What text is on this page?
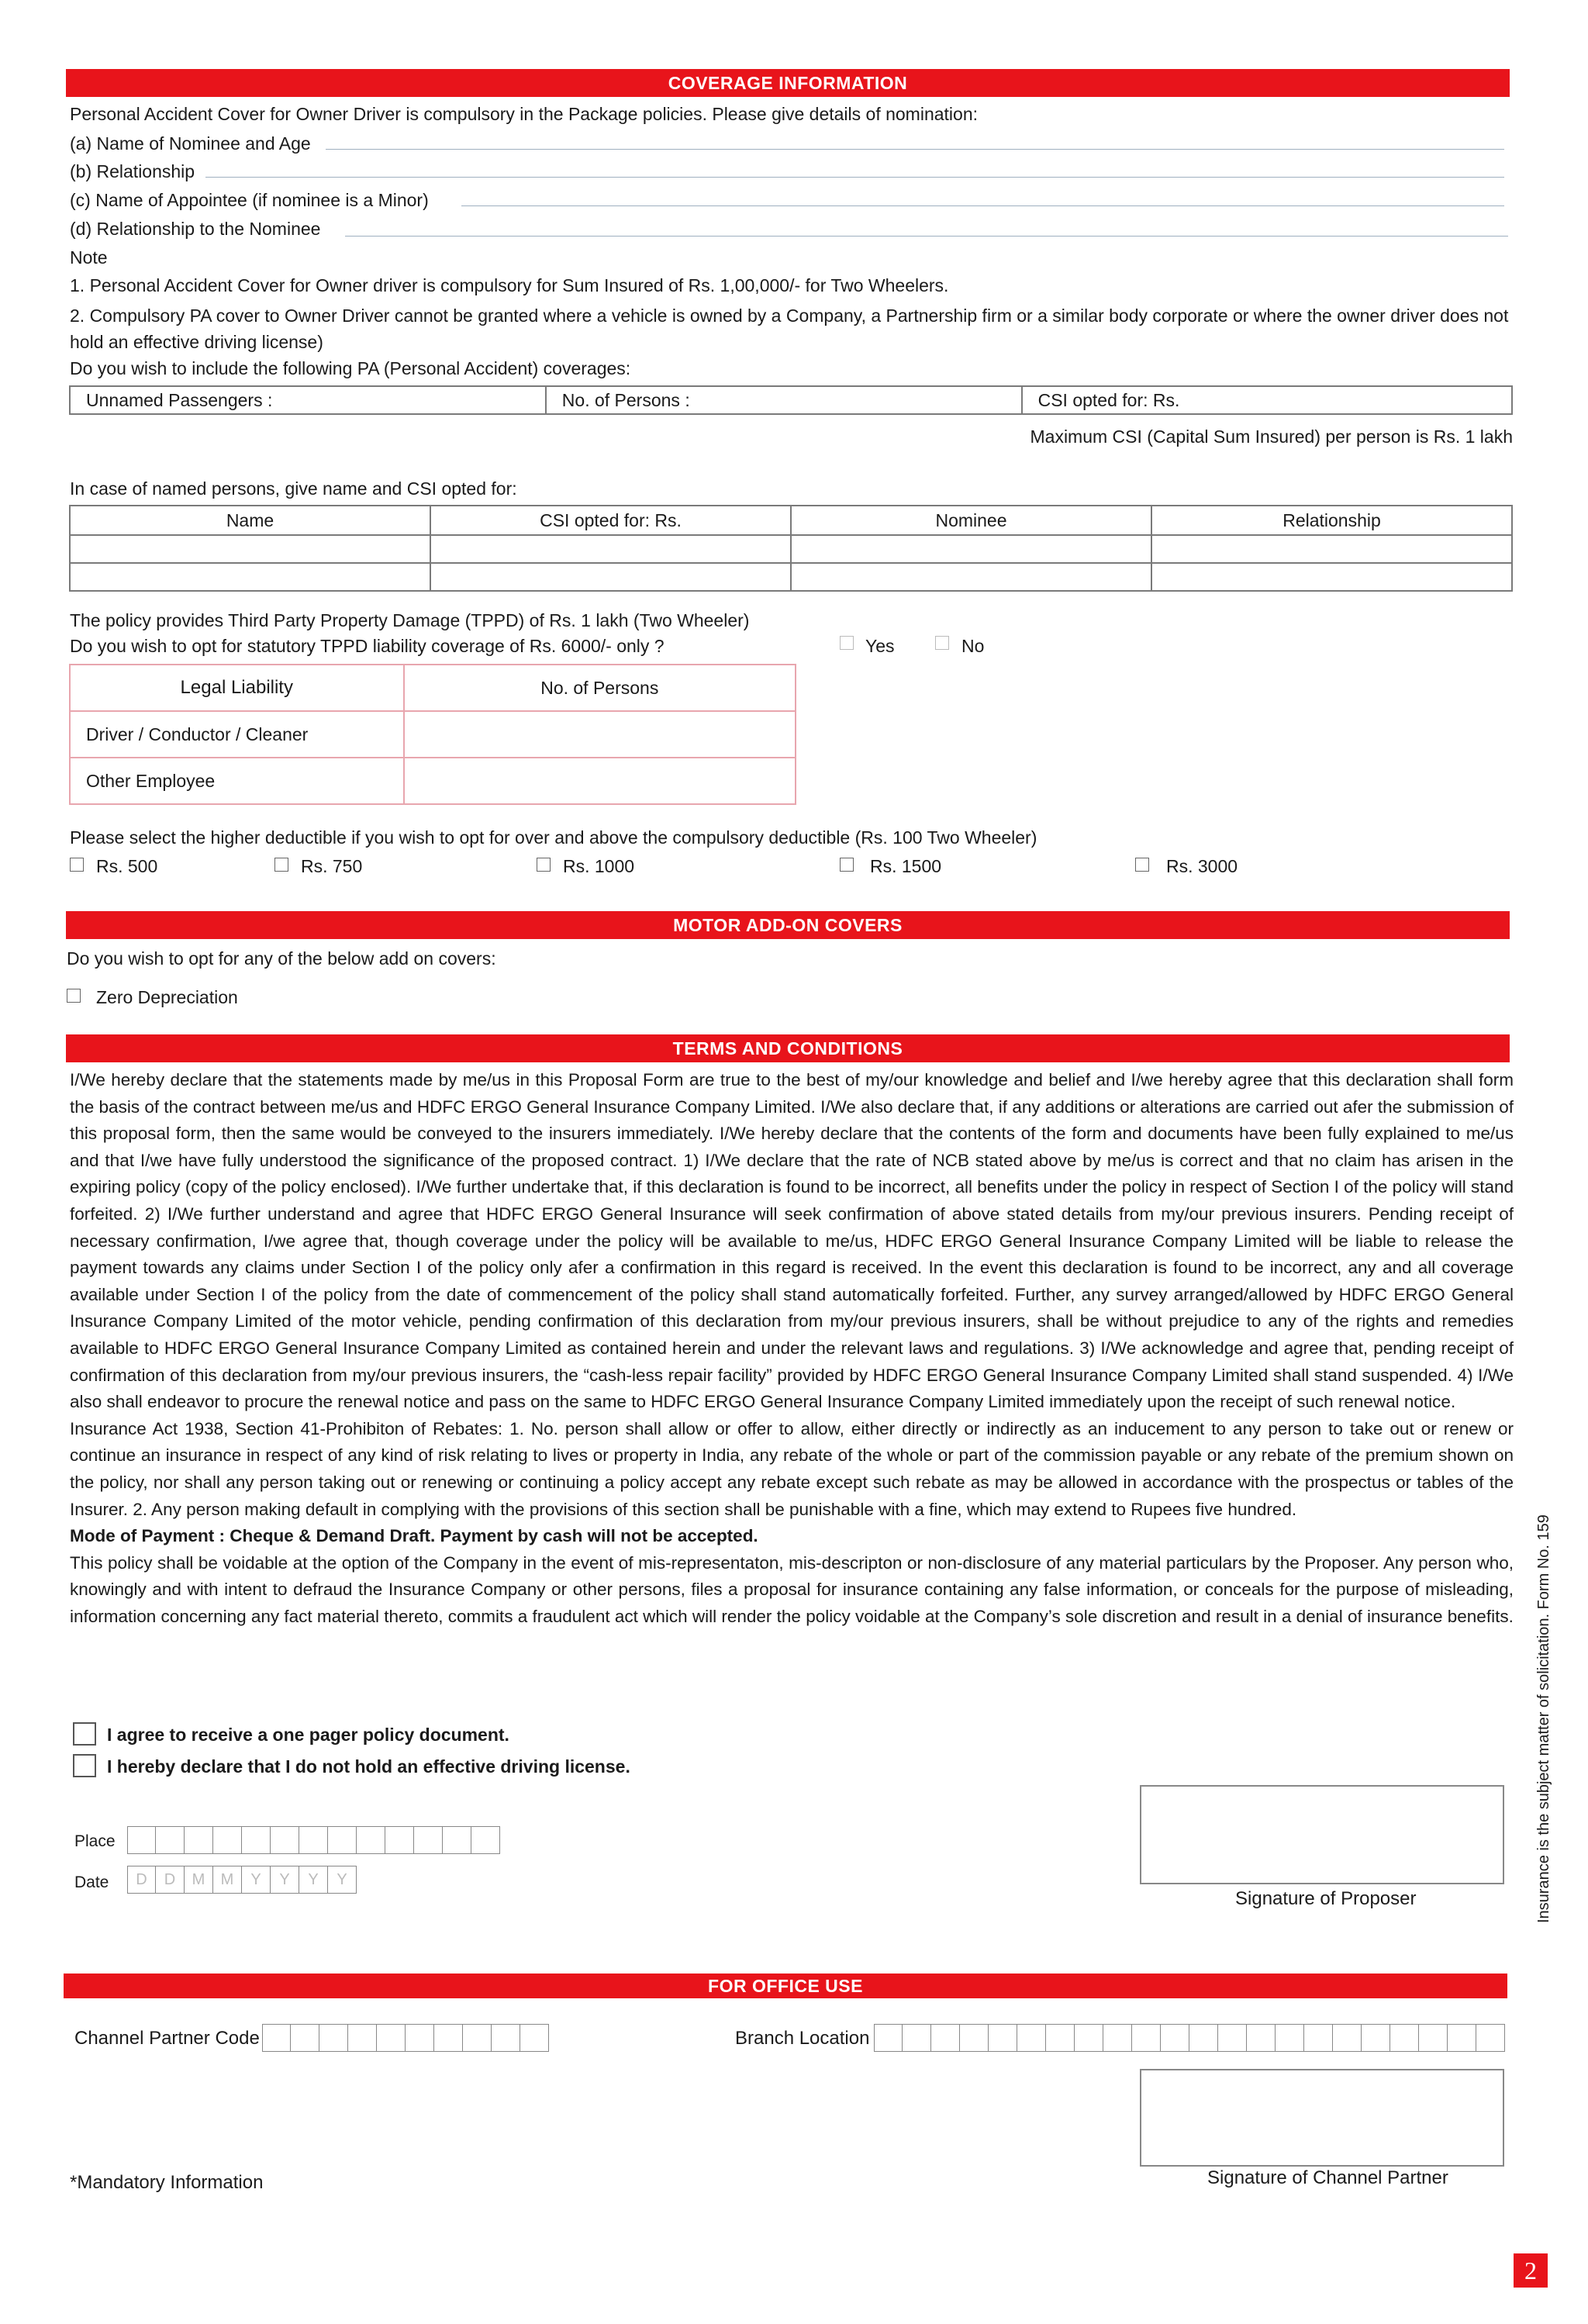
COVERAGE INFORMATION
Personal Accident Cover for Owner Driver is compulsory in the Package policies. Please give details of nomination:
(a) Name of Nominee and Age
(b) Relationship
(c) Name of Appointee (if nominee is a Minor)
(d) Relationship to the Nominee
Note
1. Personal Accident Cover for Owner driver is compulsory for Sum Insured of Rs. 1,00,000/- for Two Wheelers.
2. Compulsory PA cover to Owner Driver cannot be granted where a vehicle is owned by a Company, a Partnership firm or a similar body corporate or where the owner driver does not hold an effective driving license)
Do you wish to include the following PA (Personal Accident) coverages:
Unnamed Passengers :	No. of Persons :	CSI opted for: Rs.
Maximum CSI (Capital Sum Insured) per person is Rs. 1 lakh
In case of named persons, give name and CSI opted for:
Name	CSI opted for: Rs.	Nominee	Relationship

The policy provides Third Party Property Damage (TPPD) of Rs. 1 lakh (Two Wheeler)
Do you wish to opt for statutory TPPD liability coverage of Rs. 6000/- only ?	Yes	No
Legal Liability	No. of Persons
Driver / Conductor / Cleaner	
Other Employee	
Please select the higher deductible if you wish to opt for over and above the compulsory deductible (Rs. 100 Two Wheeler)
Rs. 500	Rs. 750	Rs. 1000	Rs. 1500	Rs. 3000
MOTOR ADD-ON COVERS
Do you wish to opt for any of the below add on covers:
Zero Depreciation
TERMS AND CONDITIONS

I/We hereby declare that the statements made by me/us in this Proposal Form are true to the best of my/our knowledge and belief and I/we hereby agree that this declaration shall form the basis of the contract between me/us and HDFC ERGO General Insurance Company Limited. I/We also declare that, if any additions or alterations are carried out afer the submission of this proposal form, then the same would be conveyed to the insurers immediately. I/We hereby declare that the contents of the form and documents have been fully explained to me/us and that I/we have fully understood the significance of the proposed contract. 1) I/We declare that the rate of NCB stated above by me/us is correct and that no claim has arisen in the expiring policy (copy of the policy enclosed). I/We further undertake that, if this declaration is found to be incorrect, all benefits under the policy in respect of Section I of the policy will stand forfeited. 2) I/We further understand and agree that HDFC ERGO General Insurance will seek confirmation of above stated details from my/our previous insurers. Pending receipt of necessary confirmation, I/we agree that, though coverage under the policy will be available to me/us, HDFC ERGO General Insurance Company Limited will be liable to release the payment towards any claims under Section I of the policy only afer a confirmation in this regard is received. In the event this declaration is found to be incorrect, any and all coverage available under Section I of the policy from the date of commencement of the policy shall stand automatically forfeited. Further, any survey arranged/allowed by HDFC ERGO General Insurance Company Limited of the motor vehicle, pending confirmation of this declaration from my/our previous insurers, shall be without prejudice to any of the rights and remedies available to HDFC ERGO General Insurance Company Limited as contained herein and under the relevant laws and regulations. 3) I/We acknowledge and agree that, pending receipt of confirmation of this declaration from my/our previous insurers, the “cash-less repair facility” provided by HDFC ERGO General Insurance Company Limited shall stand suspended. 4) I/We also shall endeavor to procure the renewal notice and pass on the same to HDFC ERGO General Insurance Company Limited immediately upon the receipt of such renewal notice.

Insurance Act 1938, Section 41-Prohibiton of Rebates: 1. No. person shall allow or offer to allow, either directly or indirectly as an inducement to any person to take out or renew or continue an insurance in respect of any kind of risk relating to lives or property in India, any rebate of the whole or part of the commission payable or any rebate of the premium shown on the policy, nor shall any person taking out or renewing or continuing a policy accept any rebate except such rebate as may be allowed in accordance with the prospectus or tables of the Insurer. 2. Any person making default in complying with the provisions of this section shall be punishable with a fine, which may extend to Rupees five hundred.

Mode of Payment : Cheque & Demand Draft. Payment by cash will not be accepted.

This policy shall be voidable at the option of the Company in the event of mis-representaton, mis-descripton or non-disclosure of any material particulars by the Proposer. Any person who, knowingly and with intent to defraud the Insurance Company or other persons, files a proposal for insurance containing any false information, or conceals for the purpose of misleading, information concerning any fact material thereto, commits a fraudulent act which will render the policy voidable at the Company’s sole discretion and result in a denial of insurance benefits.

I agree to receive a one pager policy document.
I hereby declare that I do not hold an effective driving license.
Place
Date	D	D	M	M	Y	Y	Y	Y
Signature of Proposer
FOR OFFICE USE
Channel Partner Code	Branch Location
Signature of Channel Partner
*Mandatory Information
Insurance is the subject matter of solicitation. Form No. 159
2
